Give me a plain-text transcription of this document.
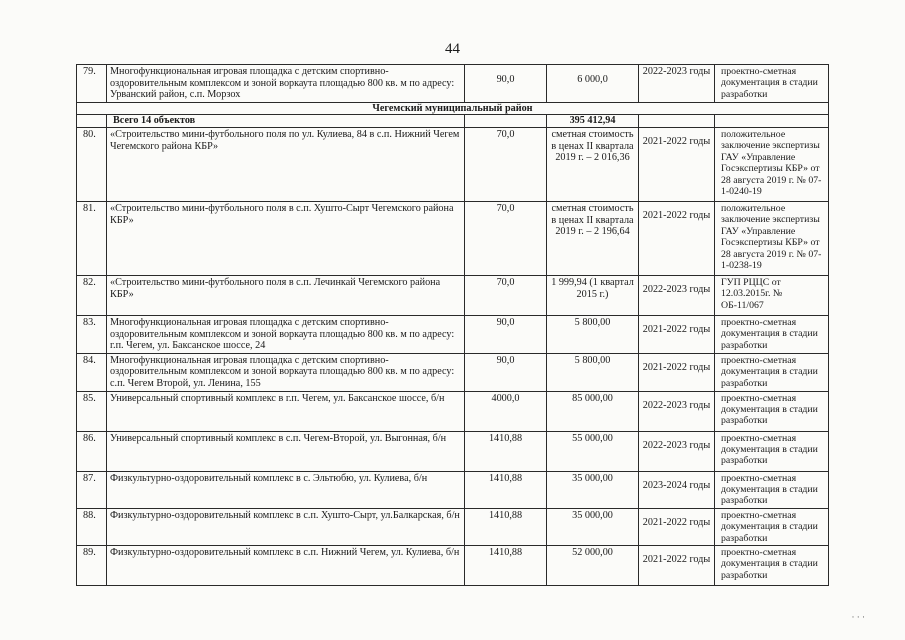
44
79.	Многофункциональная игровая площадка с детским спортивно-оздоровительным комплексом и зоной воркаута площадью 800 кв. м по адресу: Урванский район, с.п. Морзох	90,0	6 000,0	2022-2023 годы	проектно-сметная документация в стадии разработки
Чегемский муниципальный район					
	Всего 14 объектов		395 412,94		
80.	«Строительство мини-футбольного поля по ул. Кулиева, 84 в с.п. Нижний Чегем Чегемского района КБР»	70,0	сметная стоимость в ценах II квартала 2019 г. – 2 016,36	2021-2022 годы	положительное заключение экспертизы ГАУ «Управление Госэкспертизы КБР» от 28 августа 2019 г. № 07-1-0240-19
81.	«Строительство мини-футбольного поля в с.п. Хушто-Сырт Чегемского района КБР»	70,0	сметная стоимость в ценах II квартала 2019 г. – 2 196,64	2021-2022 годы	положительное заключение экспертизы ГАУ «Управление Госэкспертизы КБР» от 28 августа 2019 г. № 07-1-0238-19
82.	«Строительство мини-футбольного поля в с.п. Лечинкай Чегемского района КБР»	70,0	1 999,94 (1 квартал 2015 г.)	2022-2023 годы	ГУП РЦЦС от 12.03.2015г. № ОБ-11/067
83.	Многофункциональная игровая площадка с детским спортивно-оздоровительным комплексом и зоной воркаута площадью 800 кв. м по адресу: г.п. Чегем, ул. Баксанское шоссе, 24	90,0	5 800,00	2021-2022 годы	проектно-сметная документация в стадии разработки
84.	Многофункциональная игровая площадка с детским спортивно-оздоровительным комплексом и зоной воркаута площадью 800 кв. м по адресу: с.п. Чегем Второй, ул. Ленина, 155	90,0	5 800,00	2021-2022 годы	проектно-сметная документация в стадии разработки
85.	Универсальный спортивный комплекс в г.п. Чегем, ул. Баксанское шоссе, б/н	4000,0	85 000,00	2022-2023 годы	проектно-сметная документация в стадии разработки
86.	Универсальный спортивный комплекс в с.п. Чегем-Второй, ул. Выгонная, б/н	1410,88	55 000,00	2022-2023 годы	проектно-сметная документация в стадии разработки
87.	Физкультурно-оздоровительный комплекс в с. Эльтюбю, ул. Кулиева, б/н	1410,88	35 000,00	2023-2024 годы	проектно-сметная документация в стадии разработки
88.	Физкультурно-оздоровительный комплекс в с.п. Хушто-Сырт, ул.Балкарская, б/н	1410,88	35 000,00	2021-2022 годы	проектно-сметная документация в стадии разработки
89.	Физкультурно-оздоровительный комплекс в с.п. Нижний Чегем, ул. Кулиева, б/н	1410,88	52 000,00	2021-2022 годы	проектно-сметная документация в стадии разработки
· · ·
